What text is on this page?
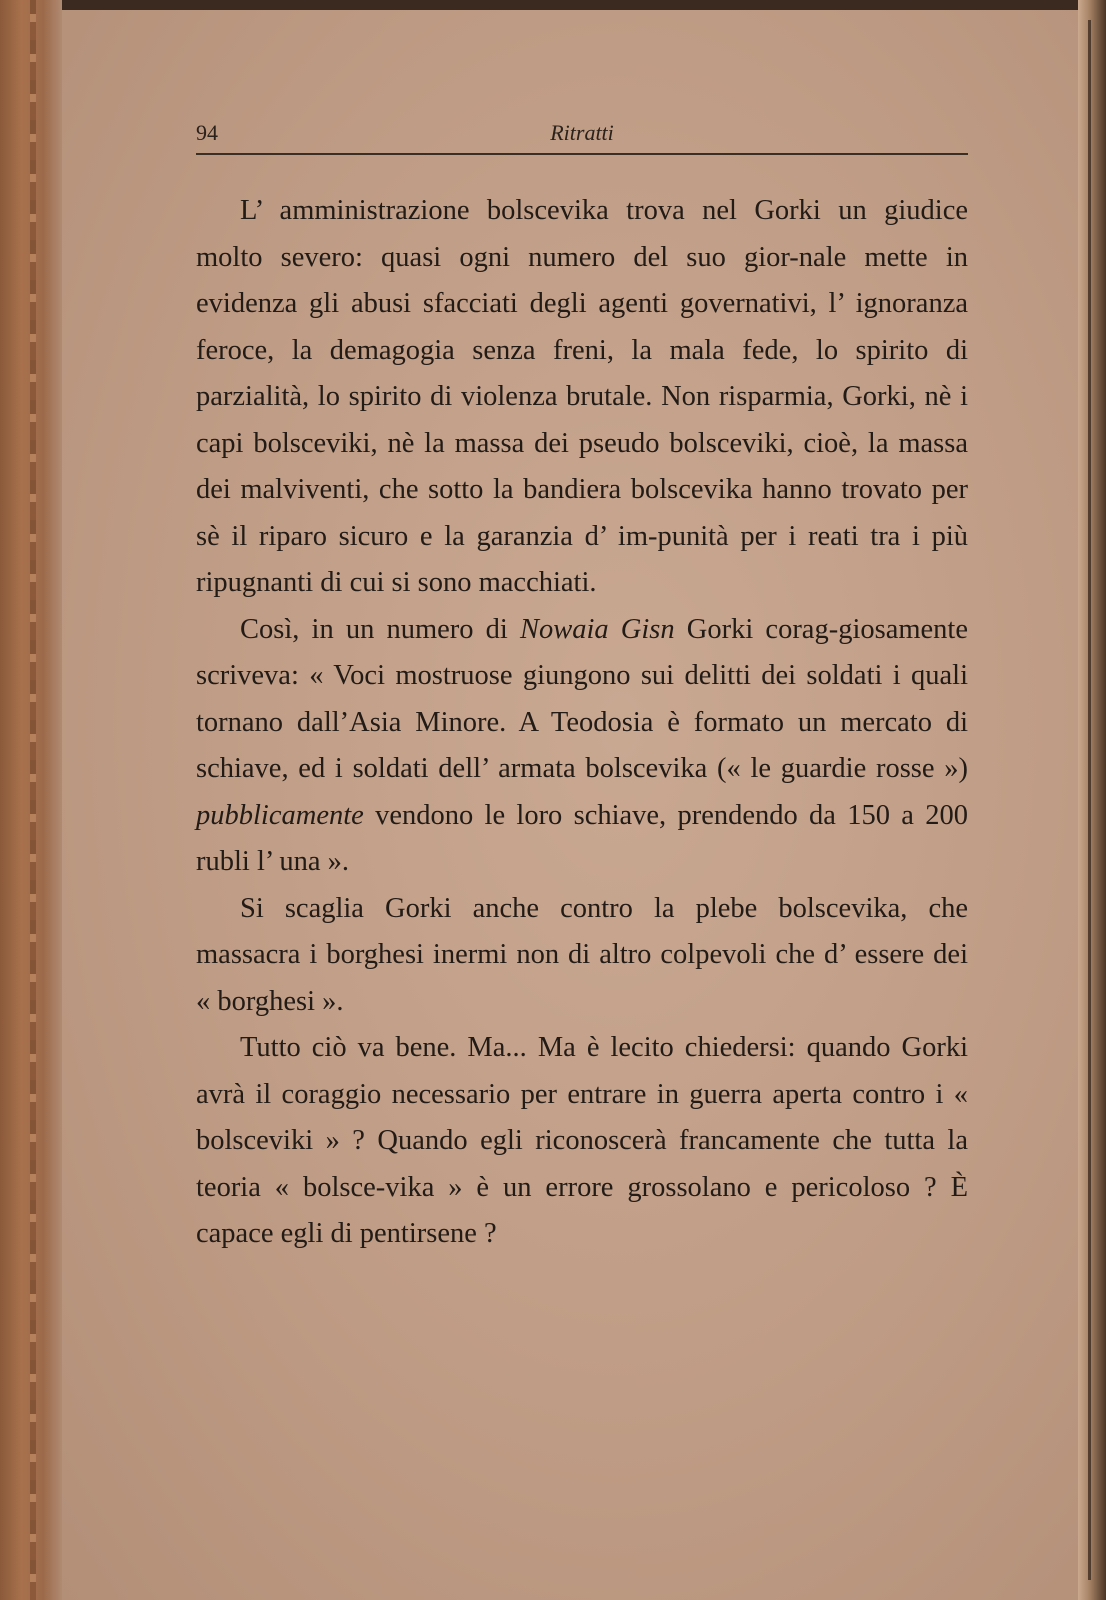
94	Ritratti

L’ amministrazione bolscevika trova nel Gorki un giudice molto severo: quasi ogni numero del suo gior-nale mette in evidenza gli abusi sfacciati degli agenti governativi, l’ ignoranza feroce, la demagogia senza freni, la mala fede, lo spirito di parzialità, lo spirito di violenza brutale. Non risparmia, Gorki, nè i capi bolsceviki, nè la massa dei pseudo bolsceviki, cioè, la massa dei malviventi, che sotto la bandiera bolscevika hanno trovato per sè il riparo sicuro e la garanzia d’ im-punità per i reati tra i più ripugnanti di cui si sono macchiati.

Così, in un numero di Nowaia Gisn Gorki corag-giosamente scriveva: « Voci mostruose giungono sui delitti dei soldati i quali tornano dall’Asia Minore. A Teodosia è formato un mercato di schiave, ed i soldati dell’ armata bolscevika (« le guardie rosse ») pubblicamente vendono le loro schiave, prendendo da 150 a 200 rubli l’ una ».

Si scaglia Gorki anche contro la plebe bolscevika, che massacra i borghesi inermi non di altro colpevoli che d’ essere dei « borghesi ».

Tutto ciò va bene. Ma... Ma è lecito chiedersi: quando Gorki avrà il coraggio necessario per entrare in guerra aperta contro i « bolsceviki » ? Quando egli riconoscerà francamente che tutta la teoria « bolsce-vika » è un errore grossolano e pericoloso ? È capace egli di pentirsene ?
